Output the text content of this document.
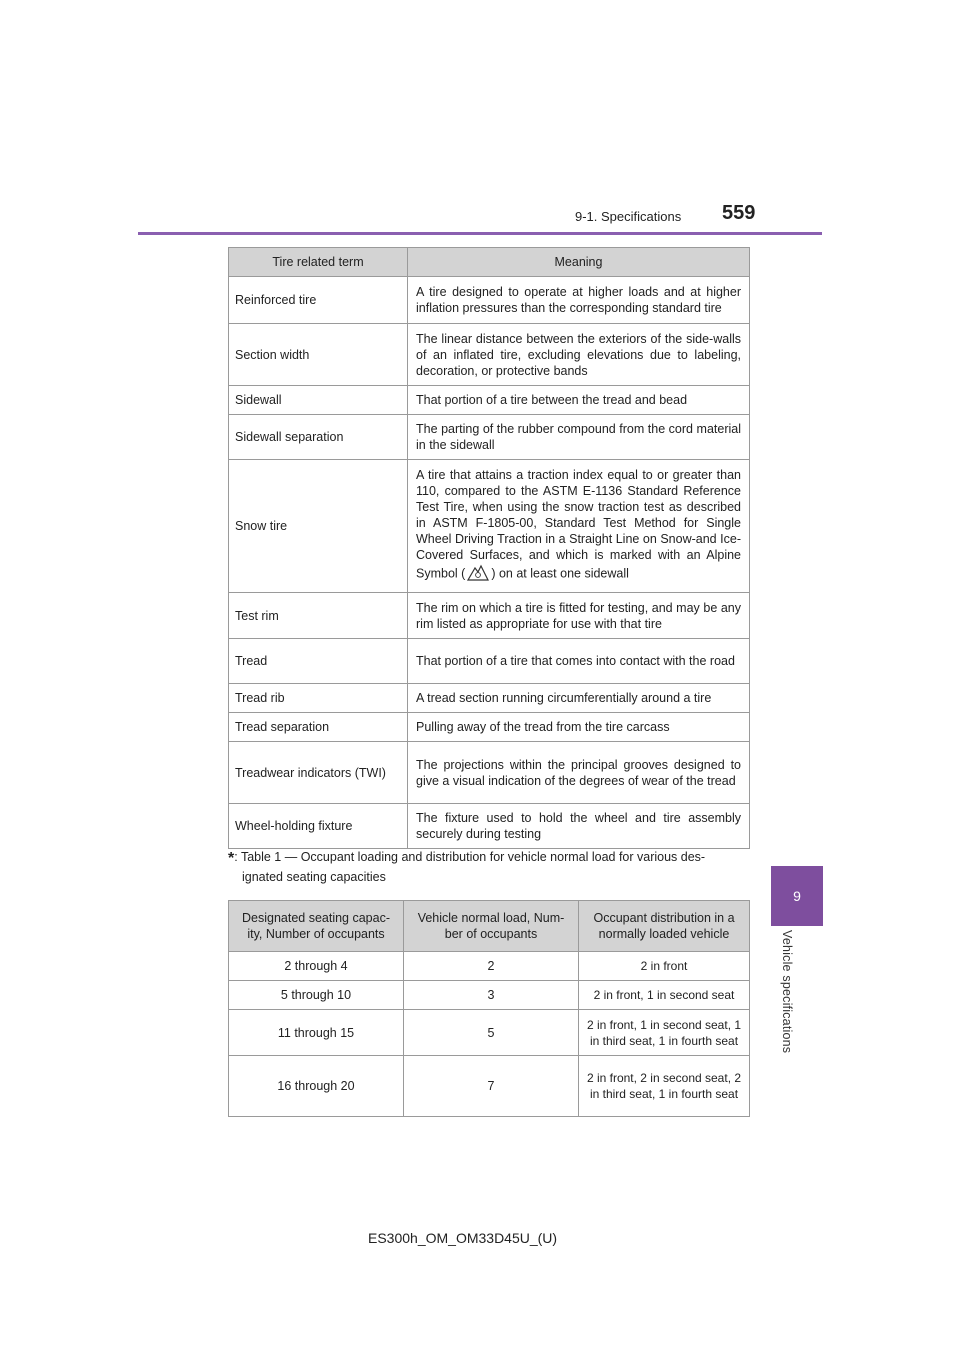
9-1. Specifications 559
9
Vehicle specifications
Tire related term	Meaning
Reinforced tire	A tire designed to operate at higher loads and at higher inflation pressures than the corresponding standard tire
Section width	The linear distance between the exteriors of the side-walls of an inflated tire, excluding elevations due to labeling, decoration, or protective bands
Sidewall	That portion of a tire between the tread and bead
Sidewall separation	The parting of the rubber compound from the cord material in the sidewall
Snow tire	A tire that attains a traction index equal to or greater than 110, compared to the ASTM E-1136 Standard Reference Test Tire, when using the snow traction test as described in ASTM F-1805-00, Standard Test Method for Single Wheel Driving Traction in a Straight Line on Snow-and Ice-Covered Surfaces, and which is marked with an Alpine Symbol ( ) on at least one sidewall
Test rim	The rim on which a tire is fitted for testing, and may be any rim listed as appropriate for use with that tire
Tread	That portion of a tire that comes into contact with the road
Tread rib	A tread section running circumferentially around a tire
Tread separation	Pulling away of the tread from the tire carcass
Treadwear indicators (TWI)	The projections within the principal grooves designed to give a visual indication of the degrees of wear of the tread
Wheel-holding fixture	The fixture used to hold the wheel and tire assembly securely during testing
*: Table 1 — Occupant loading and distribution for vehicle normal load for various des-
ignated seating capacities
Designated seating capac-ity, Number of occupants	Vehicle normal load, Num-ber of occupants	Occupant distribution in a normally loaded vehicle
2 through 4	2	2 in front
5 through 10	3	2 in front, 1 in second seat
11 through 15	5	2 in front, 1 in second seat, 1 in third seat, 1 in fourth seat
16 through 20	7	2 in front, 2 in second seat, 2 in third seat, 1 in fourth seat
ES300h_OM_OM33D45U_(U)
